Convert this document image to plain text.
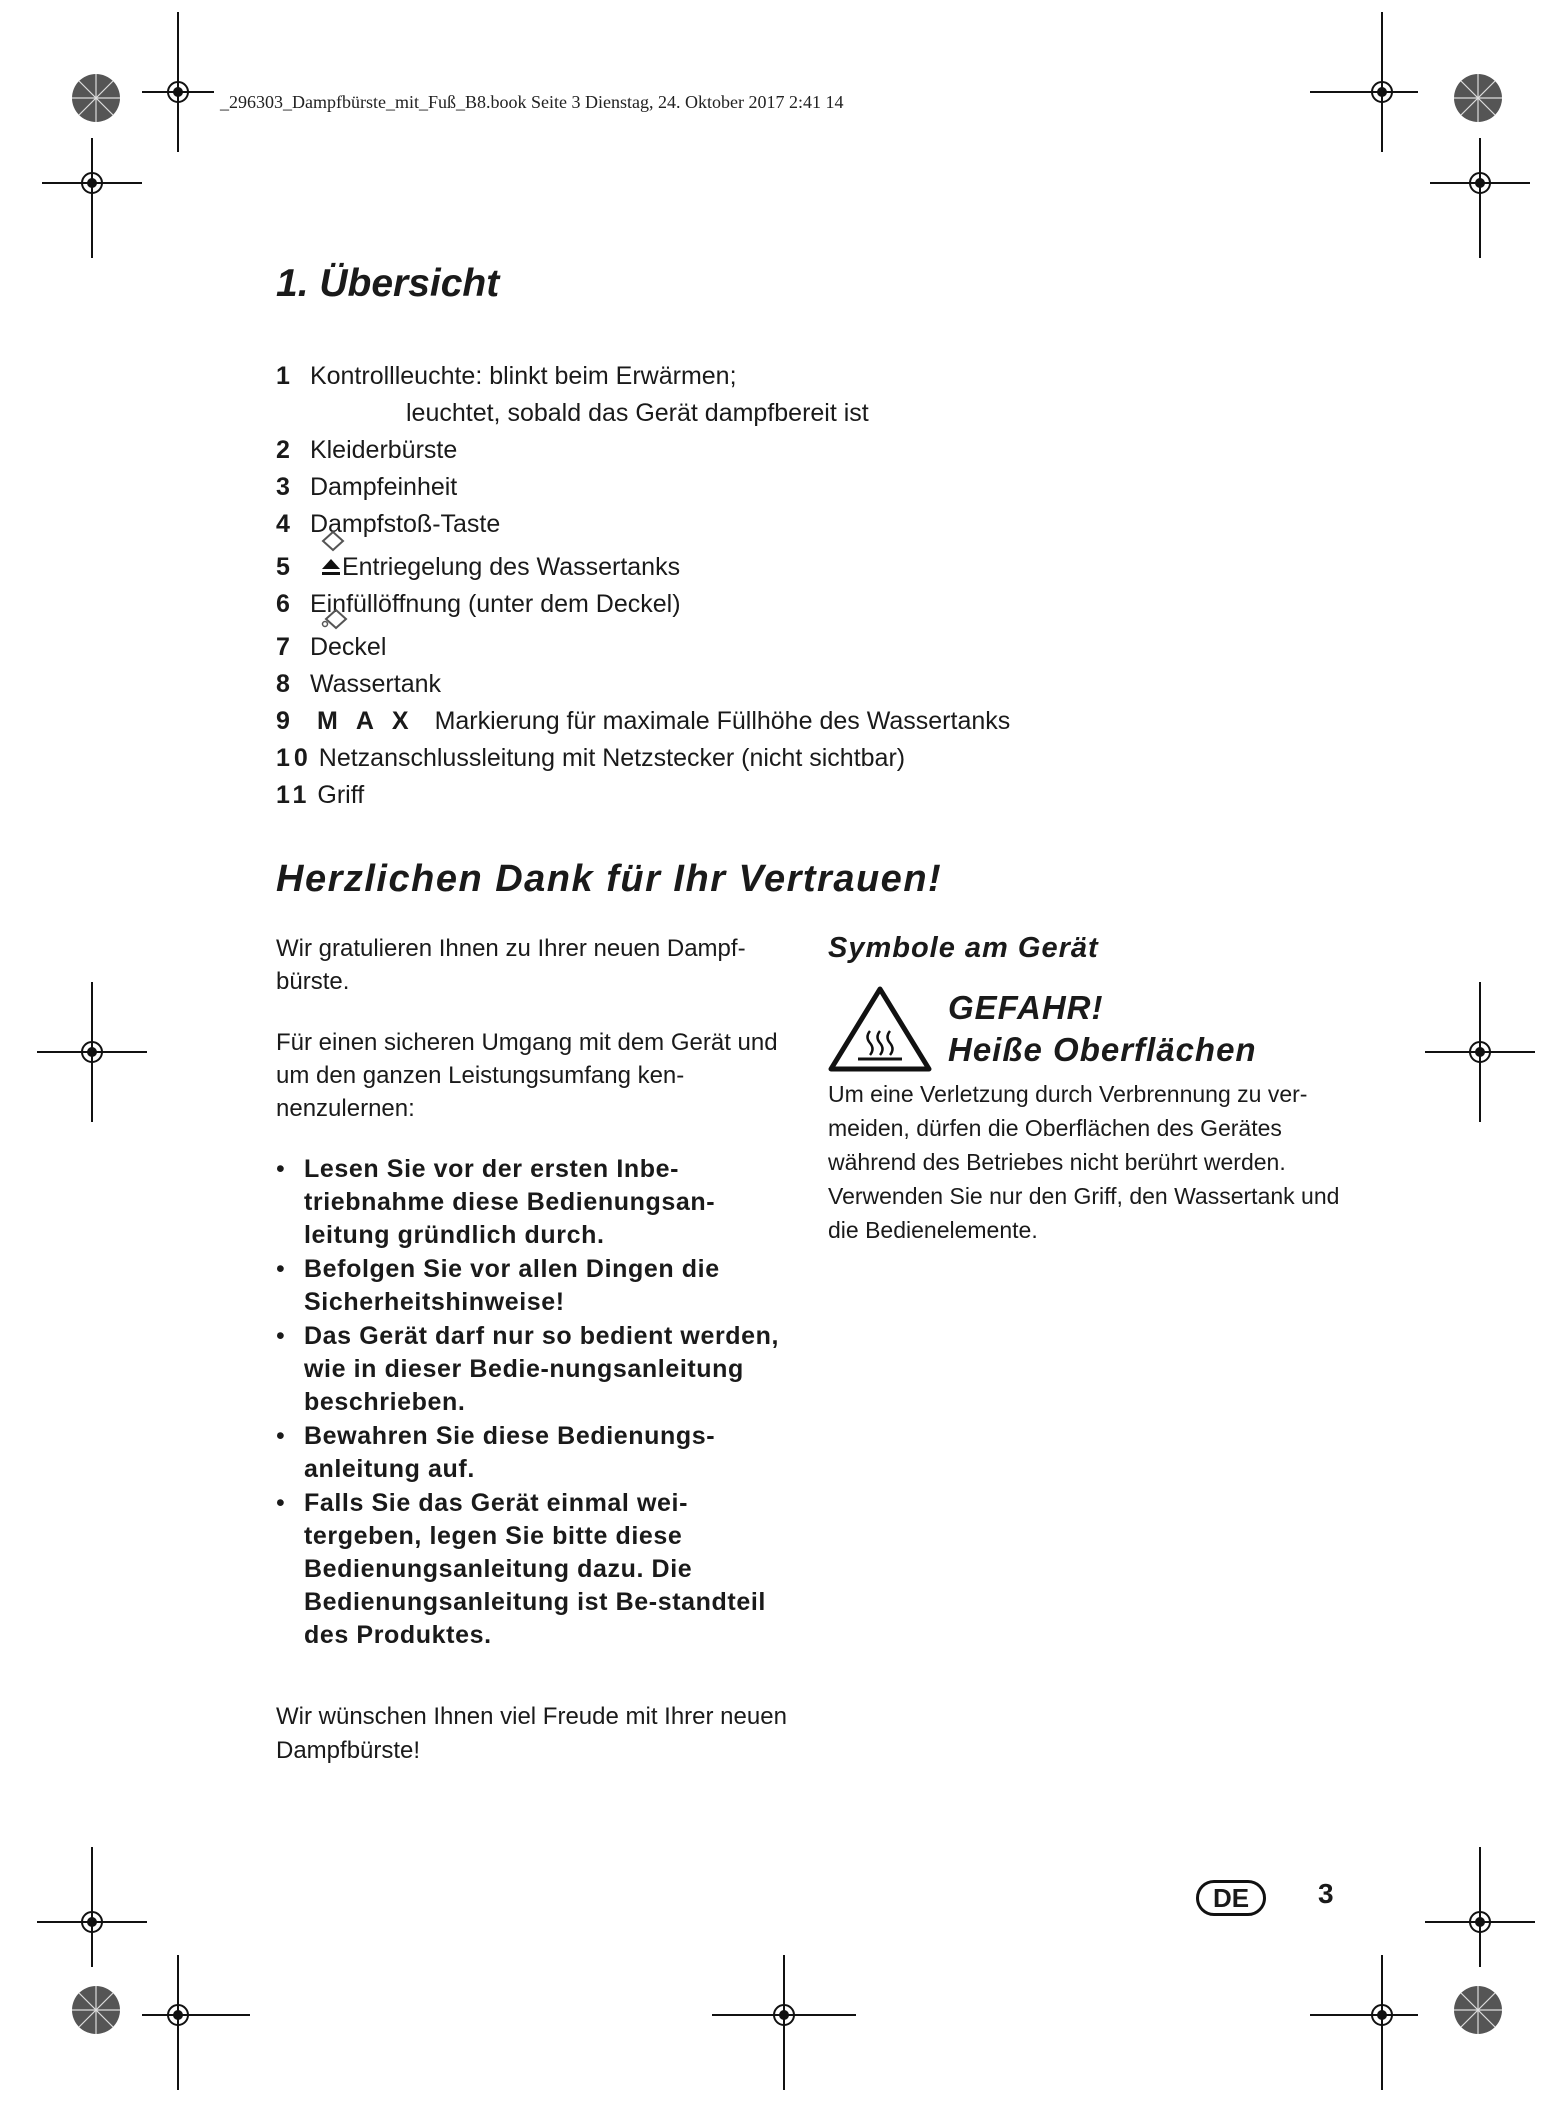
_296303_Dampfbürste_mit_Fuß_B8.book Seite 3 Dienstag, 24. Oktober 2017 2:41 14
1. Übersicht
1 Kontrollleuchte: blinkt beim Erwärmen;
leuchtet, sobald das Gerät dampfbereit ist
2 Kleiderbürste
3 Dampfeinheit
4 Dampfstoß-Taste
5 Entriegelung des Wassertanks
6 Einfüllöffnung (unter dem Deckel)
7 Deckel
8 Wassertank
9 MAX Markierung für maximale Füllhöhe des Wassertanks
10 Netzanschlussleitung mit Netzstecker (nicht sichtbar)
11 Griff
Herzlichen Dank für Ihr Vertrauen!

Wir gratulieren Ihnen zu Ihrer neuen Dampf-bürste.

Für einen sicheren Umgang mit dem Gerät und um den ganzen Leistungsumfang ken-nenzulernen:

• Lesen Sie vor der ersten Inbe-triebnahme diese Bedienungsan-leitung gründlich durch.
• Befolgen Sie vor allen Dingen die Sicherheitshinweise!
• Das Gerät darf nur so bedient werden, wie in dieser Bedie-nungsanleitung beschrieben.
• Bewahren Sie diese Bedienungs-anleitung auf.
• Falls Sie das Gerät einmal wei-tergeben, legen Sie bitte diese Bedienungsanleitung dazu. Die Bedienungsanleitung ist Be-standteil des Produktes.

Wir wünschen Ihnen viel Freude mit Ihrer neuen Dampfbürste!

Symbole am Gerät
GEFAHR!
Heiße Oberflächen

Um eine Verletzung durch Verbrennung zu ver-meiden, dürfen die Oberflächen des Gerätes während des Betriebes nicht berührt werden. Verwenden Sie nur den Griff, den Wassertank und die Bedienelemente.

DE	3
